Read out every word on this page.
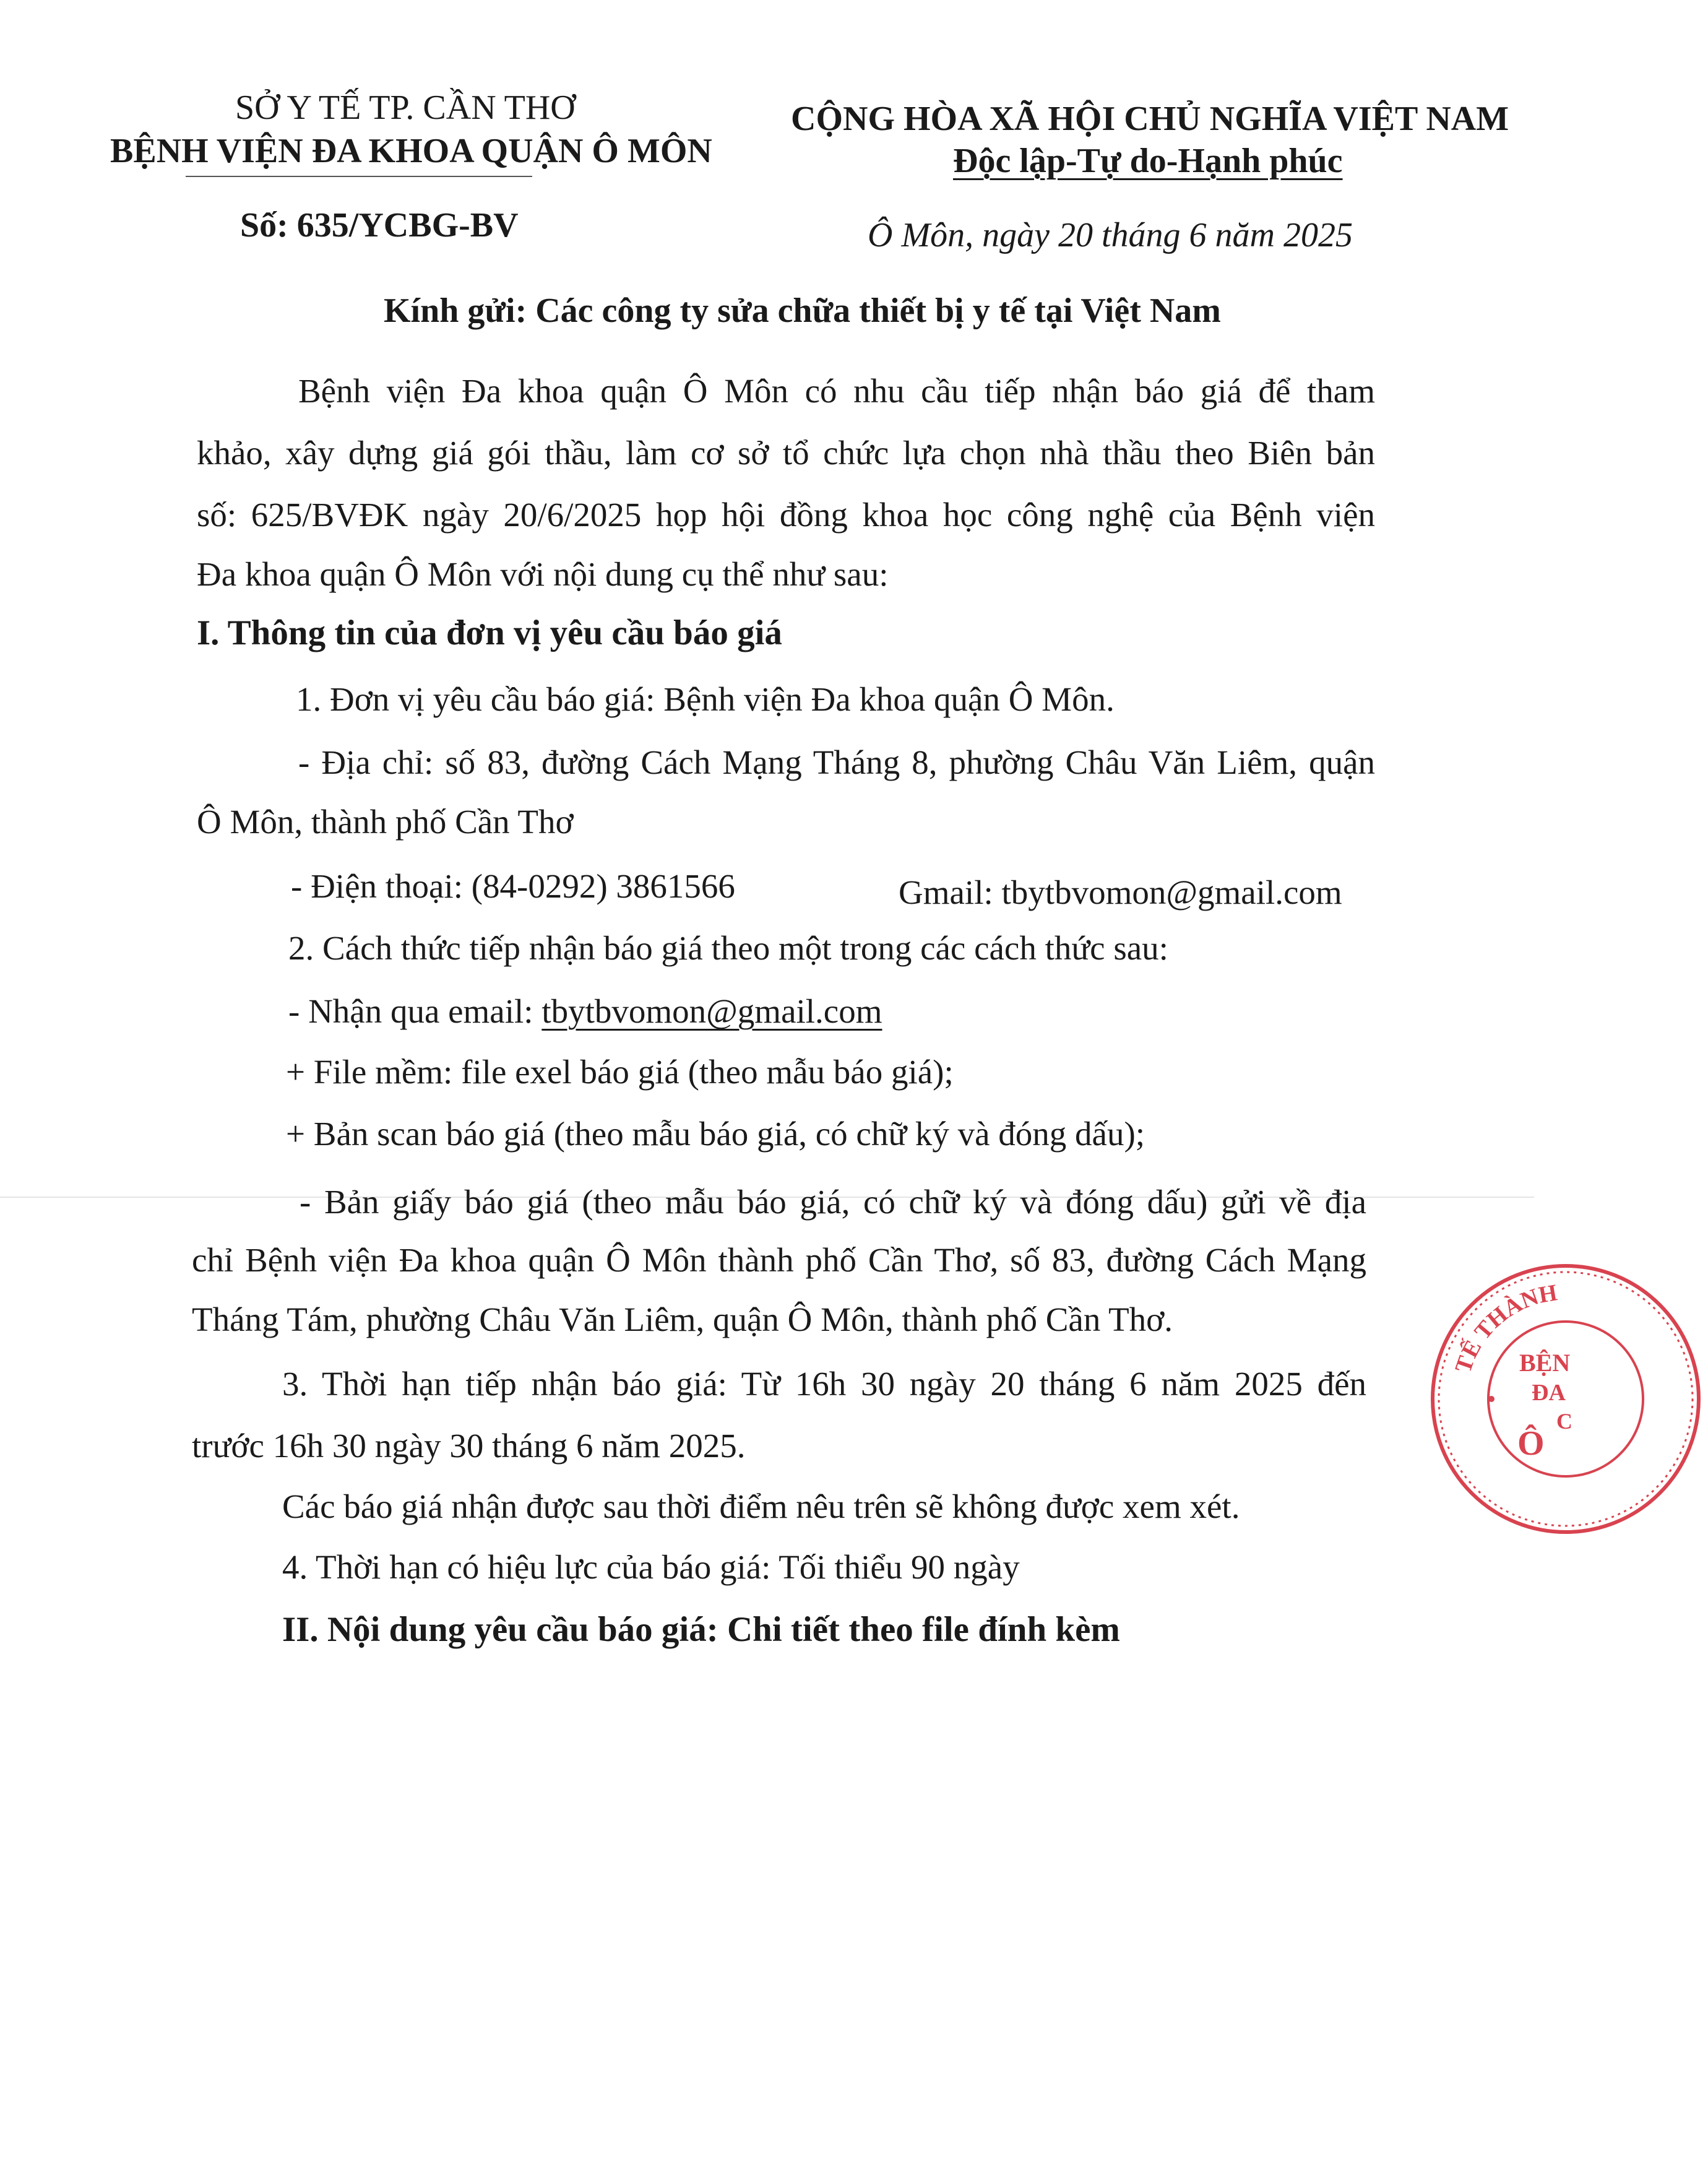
SỞ Y TẾ TP. CẦN THƠ
BỆNH VIỆN ĐA KHOA QUẬN Ô MÔN
CỘNG HÒA XÃ HỘI CHỦ NGHĨA VIỆT NAM
Độc lập-Tự do-Hạnh phúc
Số: 635/YCBG-BV	Ô Môn, ngày 20 tháng 6 năm 2025
Kính gửi: Các công ty sửa chữa thiết bị y tế tại Việt Nam
Bệnh viện Đa khoa quận Ô Môn có nhu cầu tiếp nhận báo giá để tham
khảo, xây dựng giá gói thầu, làm cơ sở tổ chức lựa chọn nhà thầu theo Biên bản
số: 625/BVĐK ngày 20/6/2025 họp hội đồng khoa học công nghệ của Bệnh viện
Đa khoa quận Ô Môn với nội dung cụ thể như sau:
I. Thông tin của đơn vị yêu cầu báo giá
1. Đơn vị yêu cầu báo giá: Bệnh viện Đa khoa quận Ô Môn.
- Địa chỉ: số 83, đường Cách Mạng Tháng 8, phường Châu Văn Liêm, quận
Ô Môn, thành phố Cần Thơ
- Điện thoại: (84-0292) 3861566	Gmail: tbytbvomon@gmail.com
2. Cách thức tiếp nhận báo giá theo một trong các cách thức sau:
- Nhận qua email: tbytbvomon@gmail.com
+ File mềm: file exel báo giá (theo mẫu báo giá);
+ Bản scan báo giá (theo mẫu báo giá, có chữ ký và đóng dấu);
- Bản giấy báo giá (theo mẫu báo giá, có chữ ký và đóng dấu) gửi về địa
chỉ Bệnh viện Đa khoa quận Ô Môn thành phố Cần Thơ, số 83, đường Cách Mạng
Tháng Tám, phường Châu Văn Liêm, quận Ô Môn, thành phố Cần Thơ.
3. Thời hạn tiếp nhận báo giá: Từ 16h 30 ngày 20 tháng 6 năm 2025 đến
trước 16h 30 ngày 30 tháng 6 năm 2025.
Các báo giá nhận được sau thời điểm nêu trên sẽ không được xem xét.
4. Thời hạn có hiệu lực của báo giá: Tối thiểu 90 ngày
II. Nội dung yêu cầu báo giá: Chi tiết theo file đính kèm
TẾ THÀNH
BỆN
ĐA
C
Ô
